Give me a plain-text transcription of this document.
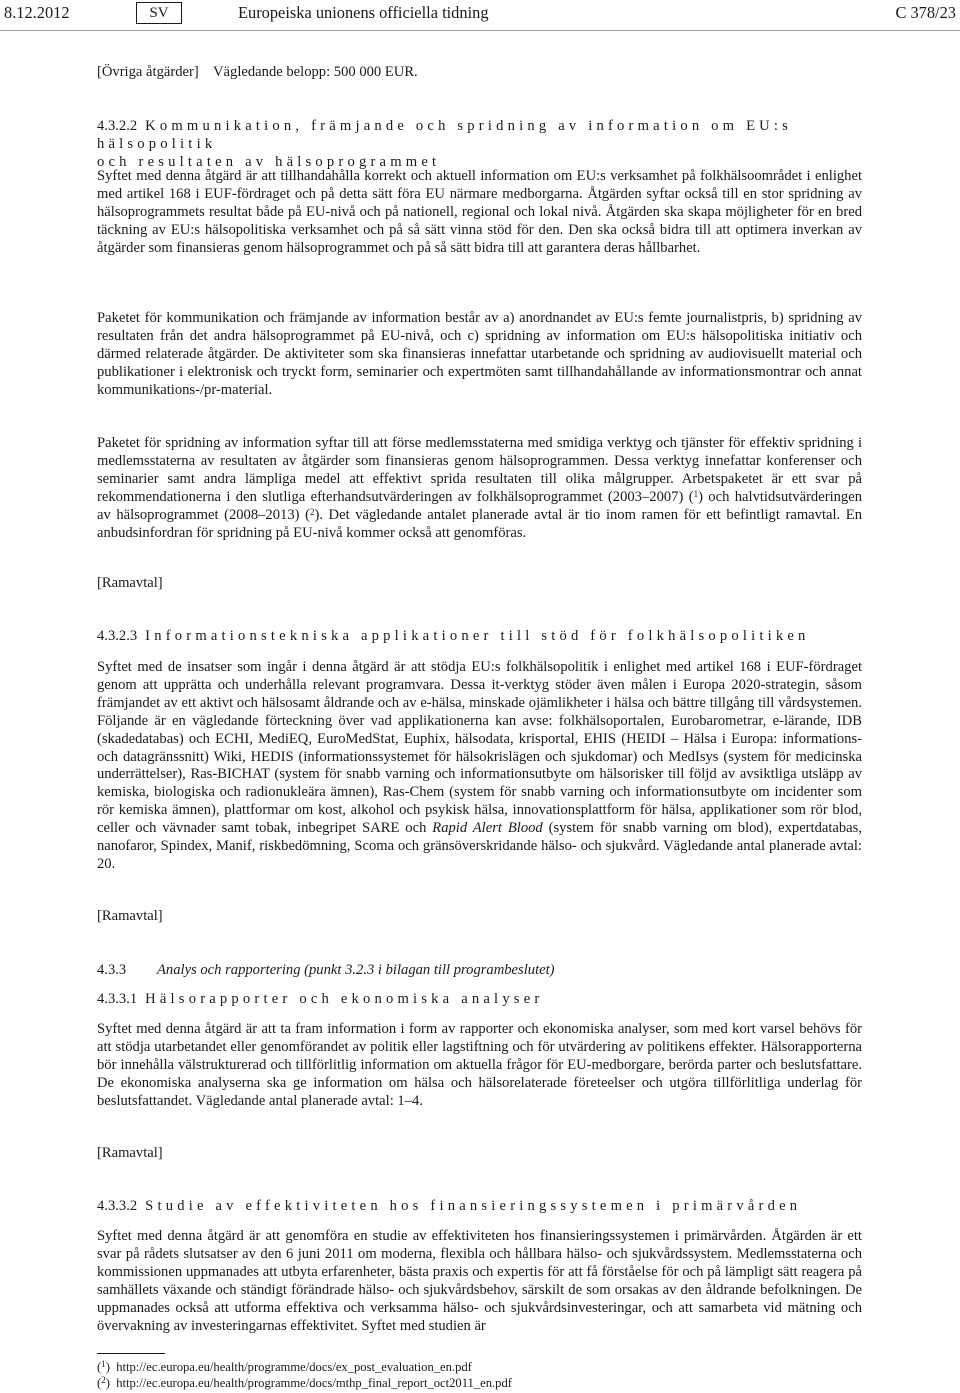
8.12.2012	SV	Europeiska unionens officiella tidning	C 378/23

[Övriga åtgärder]    Vägledande belopp: 500 000 EUR.

4.3.2.2 Kommunikation, främjande och spridning av information om EU:s hälsopolitik
och resultaten av hälsoprogrammet

Syftet med denna åtgärd är att tillhandahålla korrekt och aktuell information om EU:s verksamhet på folkhälsoområdet i enlighet med artikel 168 i EUF-fördraget och på detta sätt föra EU närmare medborgarna. Åtgärden syftar också till en stor spridning av hälsoprogrammets resultat både på EU-nivå och på nationell, regional och lokal nivå. Åtgärden ska skapa möjligheter för en bred täckning av EU:s hälsopolitiska verksamhet och på så sätt vinna stöd för den. Den ska också bidra till att optimera inverkan av åtgärder som finansieras genom hälsoprogrammet och på så sätt bidra till att garantera deras hållbarhet.

Paketet för kommunikation och främjande av information består av a) anordnandet av EU:s femte journalistpris, b) spridning av resultaten från det andra hälsoprogrammet på EU-nivå, och c) spridning av information om EU:s hälsopolitiska initiativ och därmed relaterade åtgärder. De aktiviteter som ska finansieras innefattar utarbetande och spridning av audiovisuellt material och publikationer i elektronisk och tryckt form, seminarier och expertmöten samt tillhandahållande av informationsmontrar och annat kommunikations-/pr-material.

Paketet för spridning av information syftar till att förse medlemsstaterna med smidiga verktyg och tjänster för effektiv spridning i medlemsstaterna av resultaten av åtgärder som finansieras genom hälsoprogrammen. Dessa verktyg innefattar konferenser och seminarier samt andra lämpliga medel att effektivt sprida resultaten till olika målgrupper. Arbetspaketet är ett svar på rekommendationerna i den slutliga efterhandsutvärderingen av folkhälsoprogrammet (2003–2007) ($^1$) och halvtidsutvärderingen av hälsoprogrammet (2008–2013) ($^2$). Det vägledande antalet planerade avtal är tio inom ramen för ett befintligt ramavtal. En anbudsinfordran för spridning på EU-nivå kommer också att genomföras.

[Ramavtal]

4.3.2.3 Informationstekniska applikationer till stöd för folkhälsopolitiken

Syftet med de insatser som ingår i denna åtgärd är att stödja EU:s folkhälsopolitik i enlighet med artikel 168 i EUF-fördraget genom att upprätta och underhålla relevant programvara. Dessa it-verktyg stöder även målen i Europa 2020-strategin, såsom främjandet av ett aktivt och hälsosamt åldrande och av e-hälsa, minskade ojämlikheter i hälsa och bättre tillgång till vårdsystemen. Följande är en vägledande förteckning över vad applikationerna kan avse: folkhälsoportalen, Eurobarometrar, e-lärande, IDB (skadedatabas) och ECHI, MediEQ, EuroMedStat, Euphix, hälsodata, krisportal, EHIS (HEIDI – Hälsa i Europa: informations- och datagränssnitt) Wiki, HEDIS (informationssystemet för hälsokrislägen och sjukdomar) och MedIsys (system för medicinska underrättelser), Ras-BICHAT (system för snabb varning och informationsutbyte om hälsorisker till följd av avsiktliga utsläpp av kemiska, biologiska och radionukleära ämnen), Ras-Chem (system för snabb varning och informationsutbyte om incidenter som rör kemiska ämnen), plattformar om kost, alkohol och psykisk hälsa, innovationsplattform för hälsa, applikationer som rör blod, celler och vävnader samt tobak, inbegripet SARE och Rapid Alert Blood (system för snabb varning om blod), expertdatabas, nanofaror, Spindex, Manif, riskbedömning, Scoma och gränsöverskridande hälso- och sjukvård. Vägledande antal planerade avtal: 20.

[Ramavtal]

4.3.3 Analys och rapportering (punkt 3.2.3 i bilagan till programbeslutet)

4.3.3.1 Hälsorapporter och ekonomiska analyser

Syftet med denna åtgärd är att ta fram information i form av rapporter och ekonomiska analyser, som med kort varsel behövs för att stödja utarbetandet eller genomförandet av politik eller lagstiftning och för utvärdering av politikens effekter. Hälsorapporterna bör innehålla välstrukturerad och tillförlitlig information om aktuella frågor för EU-medborgare, berörda parter och beslutsfattare. De ekonomiska analyserna ska ge information om hälsa och hälsorelaterade företeelser och utgöra tillförlitliga underlag för beslutsfattandet. Vägledande antal planerade avtal: 1–4.

[Ramavtal]

4.3.3.2 Studie av effektiviteten hos finansieringssystemen i primärvården

Syftet med denna åtgärd är att genomföra en studie av effektiviteten hos finansieringssystemen i primärvården. Åtgärden är ett svar på rådets slutsatser av den 6 juni 2011 om moderna, flexibla och hållbara hälso- och sjukvårdssystem. Medlemsstaterna och kommissionen uppmanades att utbyta erfarenheter, bästa praxis och expertis för att få förståelse för och på lämpligt sätt reagera på samhällets växande och ständigt förändrade hälso- och sjukvårdsbehov, särskilt de som orsakas av den åldrande befolkningen. De uppmanades också att utforma effektiva och verksamma hälso- och sjukvårdsinvesteringar, och att samarbeta vid mätning och övervakning av investeringarnas effektivitet. Syftet med studien är

($^1$)  http://ec.europa.eu/health/programme/docs/ex_post_evaluation_en.pdf
($^2$)  http://ec.europa.eu/health/programme/docs/mthp_final_report_oct2011_en.pdf
